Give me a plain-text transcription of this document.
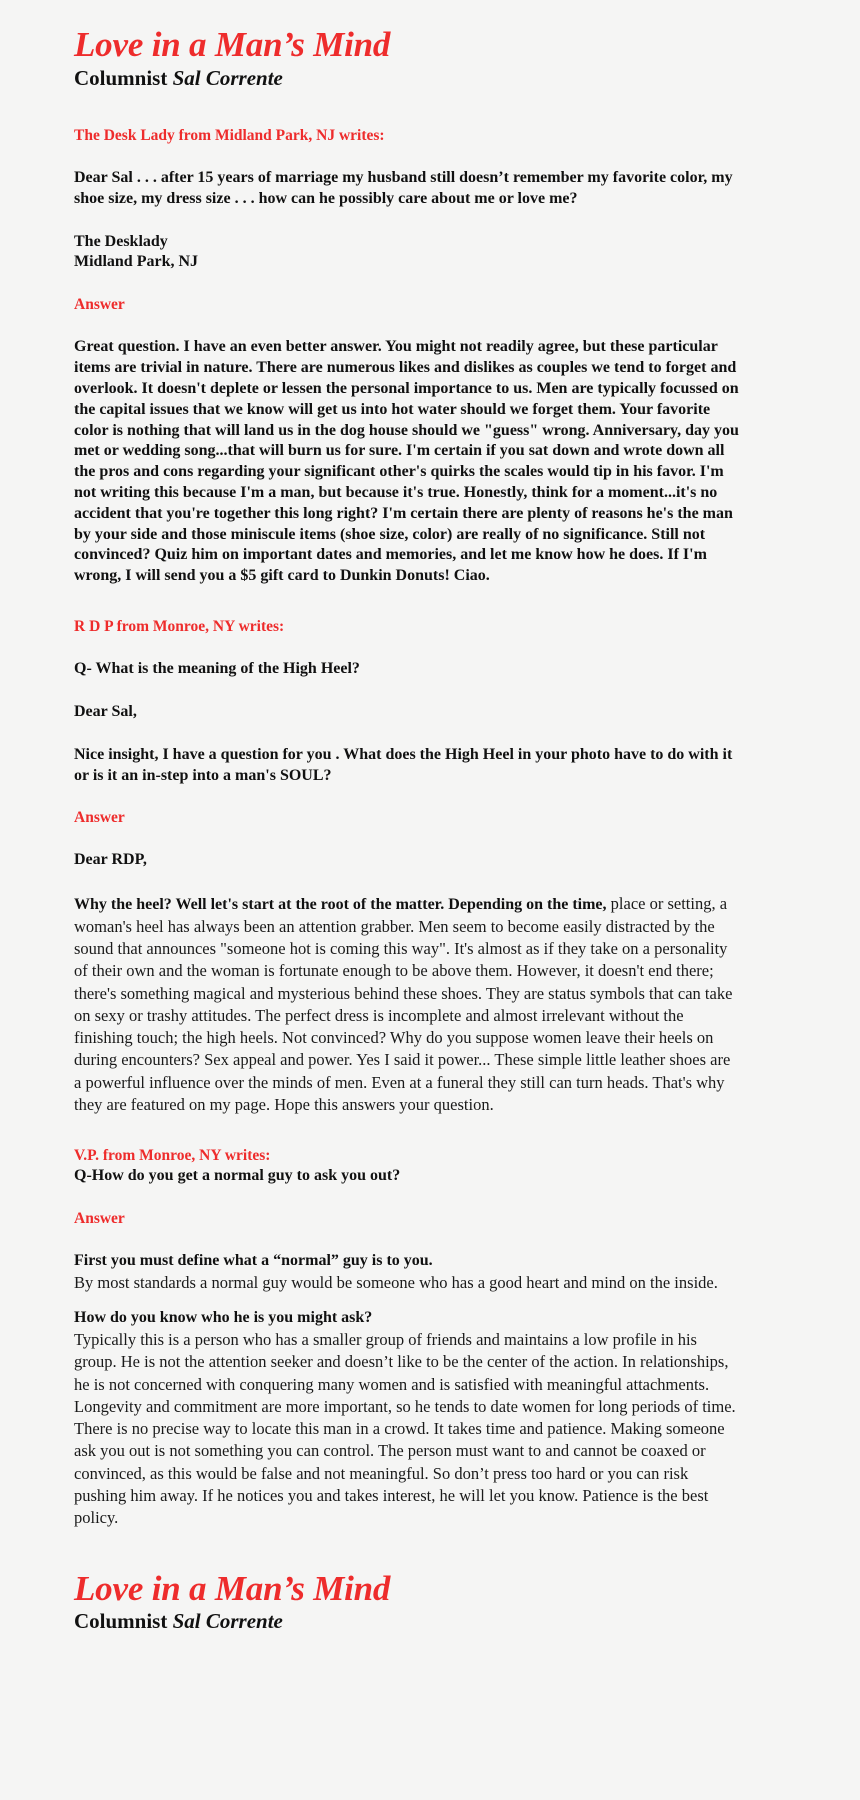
Love in a Man’s Mind
Columnist Sal Corrente
The Desk Lady from Midland Park, NJ writes:
Dear Sal . . . after 15 years of marriage my husband still doesn’t remember my favorite color, my shoe size, my dress size . . . how can he possibly care about me or love me?
The Desklady
Midland Park, NJ
Answer
Great question. I have an even better answer. You might not readily agree, but these particular items are trivial in nature. There are numerous likes and dislikes as couples we tend to forget and overlook. It doesn't deplete or lessen the personal importance to us. Men are typically focussed on the capital issues that we know will get us into hot water should we forget them. Your favorite color is nothing that will land us in the dog house should we "guess" wrong. Anniversary, day you met or wedding song...that will burn us for sure. I'm certain if you sat down and wrote down all the pros and cons regarding your significant other's quirks the scales would tip in his favor. I'm not writing this because I'm a man, but because it's true. Honestly, think for a moment...it's no accident that you're together this long right? I'm certain there are plenty of reasons he's the man by your side and those miniscule items (shoe size, color) are really of no significance. Still not convinced? Quiz him on important dates and memories, and let me know how he does. If I'm wrong, I will send you a $5 gift card to Dunkin Donuts! Ciao.
R D P from Monroe, NY writes:
Q- What is the meaning of the High Heel?
Dear Sal,
Nice insight, I have a question for you . What does the High Heel in your photo have to do with it or is it an in-step into a man's SOUL?
Answer
Dear RDP,

Why the heel? Well let's start at the root of the matter. Depending on the time, place or setting, a woman's heel has always been an attention grabber. Men seem to become easily distracted by the sound that announces "someone hot is coming this way". It's almost as if they take on a personality of their own and the woman is fortunate enough to be above them. However, it doesn't end there; there's something magical and mysterious behind these shoes. They are status symbols that can take on sexy or trashy attitudes. The perfect dress is incomplete and almost irrelevant without the finishing touch; the high heels. Not convinced? Why do you suppose women leave their heels on during encounters? Sex appeal and power. Yes I said it power... These simple little leather shoes are a powerful influence over the minds of men. Even at a funeral they still can turn heads. That's why they are featured on my page. Hope this answers your question.

V.P. from Monroe, NY writes:
Q-How do you get a normal guy to ask you out?
Answer
First you must define what a “normal” guy is to you.
By most standards a normal guy would be someone who has a good heart and mind on the inside.
How do you know who he is you might ask?
Typically this is a person who has a smaller group of friends and maintains a low profile in his group. He is not the attention seeker and doesn’t like to be the center of the action. In relationships, he is not concerned with conquering many women and is satisfied with meaningful attachments. Longevity and commitment are more important, so he tends to date women for long periods of time. There is no precise way to locate this man in a crowd. It takes time and patience. Making someone ask you out is not something you can control. The person must want to and cannot be coaxed or convinced, as this would be false and not meaningful. So don’t press too hard or you can risk pushing him away. If he notices you and takes interest, he will let you know. Patience is the best policy.
Love in a Man’s Mind
Columnist Sal Corrente
